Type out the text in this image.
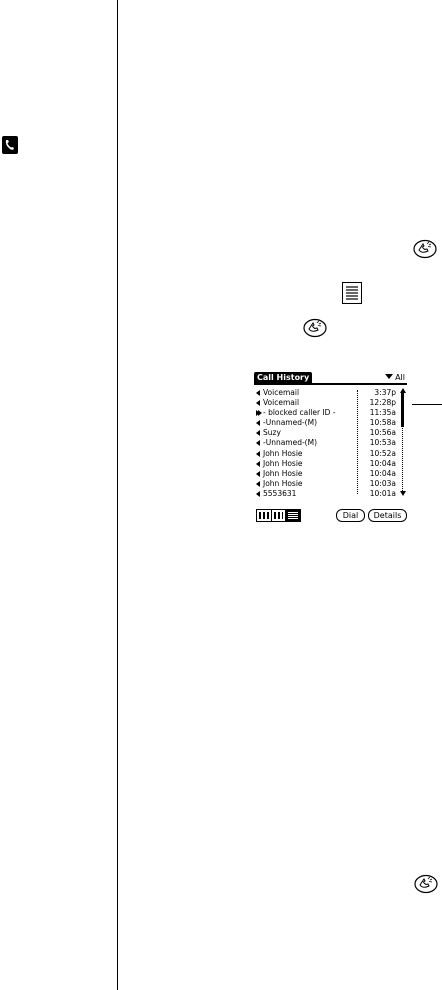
Call History	All
Voicemail	3:37p
Voicemail	12:28p
- blocked caller ID -	11:35a
-Unnamed-(M)	10:58a
Suzy	10:56a
-Unnamed-(M)	10:53a
John Hosie	10:52a
John Hosie	10:04a
John Hosie	10:04a
John Hosie	10:03a
5553631	10:01a
Dial	Details
